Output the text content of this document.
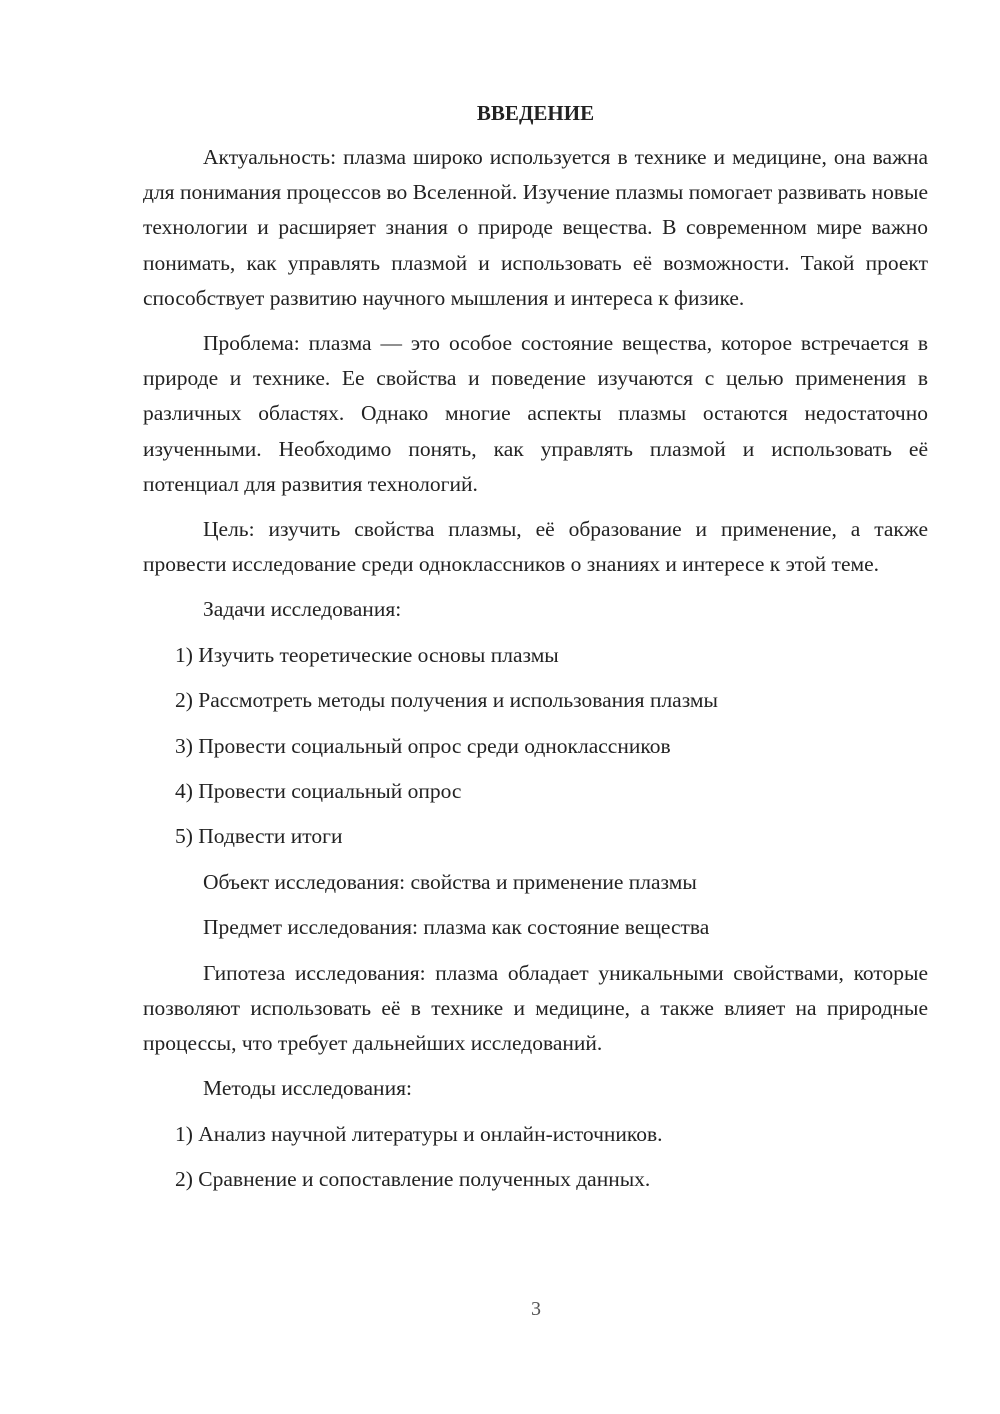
ВВЕДЕНИЕ

Актуальность: плазма широко используется в технике и медицине, она важна для понимания процессов во Вселенной. Изучение плазмы помогает развивать новые технологии и расширяет знания о природе вещества. В современном мире важно понимать, как управлять плазмой и использовать её возможности. Такой проект способствует развитию научного мышления и интереса к физике.

Проблема: плазма — это особое состояние вещества, которое встречается в природе и технике. Ее свойства и поведение изучаются с целью применения в различных областях. Однако многие аспекты плазмы остаются недостаточно изученными. Необходимо понять, как управлять плазмой и использовать её потенциал для развития технологий.

Цель: изучить свойства плазмы, её образование и применение, а также провести исследование среди одноклассников о знаниях и интересе к этой теме.

Задачи исследования:

1) Изучить теоретические основы плазмы

2) Рассмотреть методы получения и использования плазмы

3) Провести социальный опрос среди одноклассников

4) Провести социальный опрос

5) Подвести итоги

Объект исследования: свойства и применение плазмы

Предмет исследования: плазма как состояние вещества

Гипотеза исследования: плазма обладает уникальными свойствами, которые позволяют использовать её в технике и медицине, а также влияет на природные процессы, что требует дальнейших исследований.

Методы исследования:

1) Анализ научной литературы и онлайн-источников.

2) Сравнение и сопоставление полученных данных.

3
